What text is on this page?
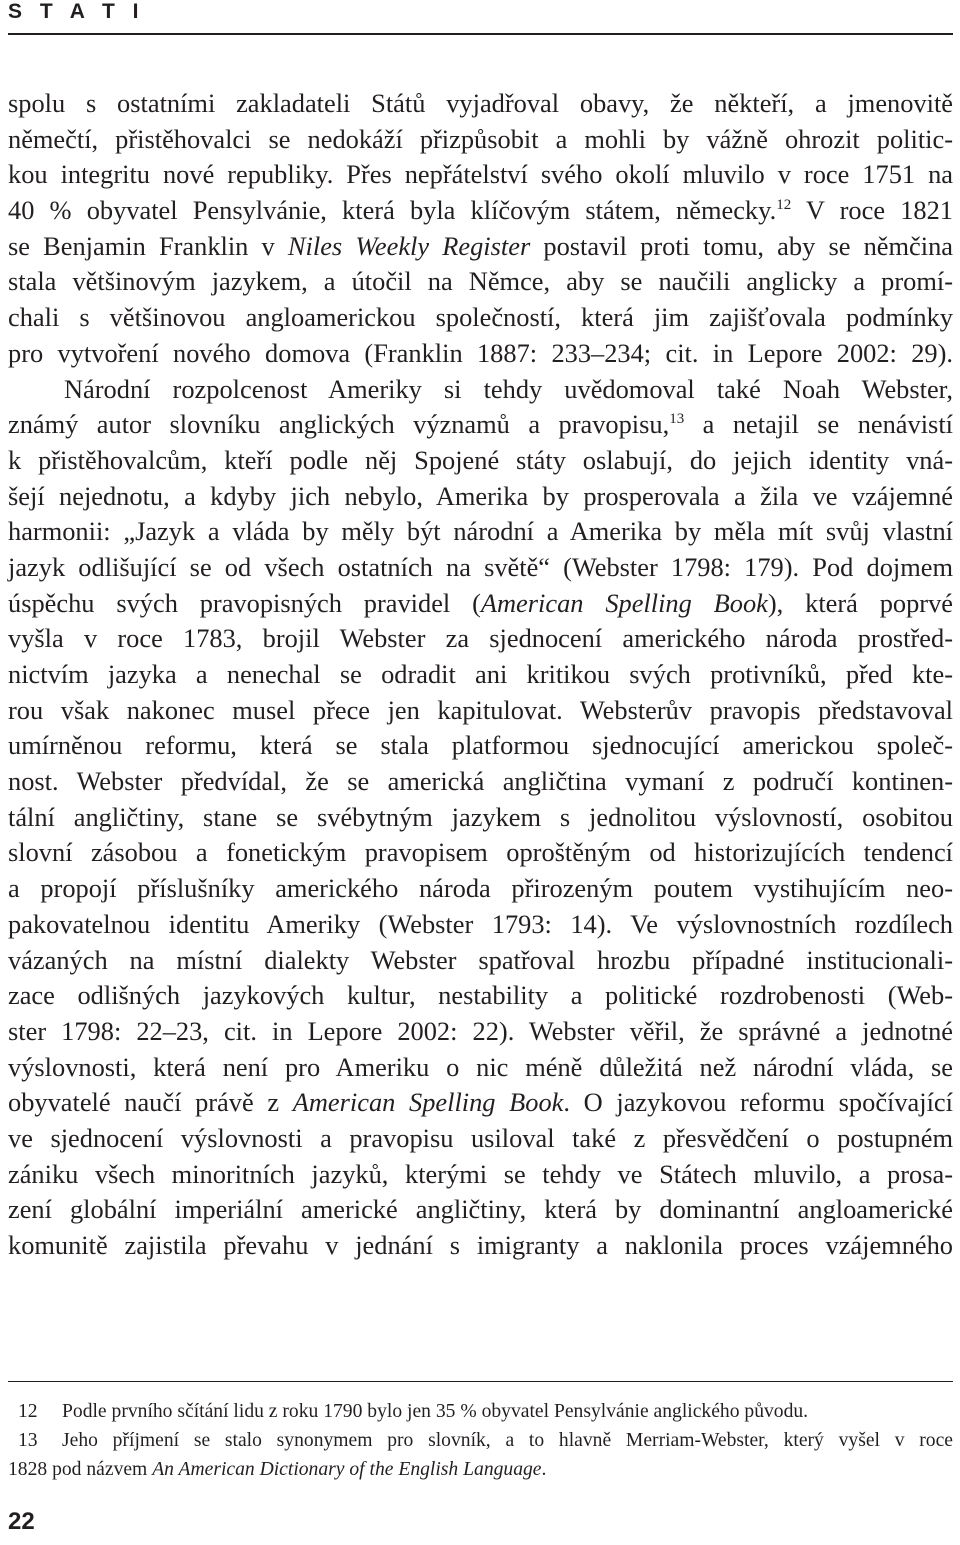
S T A T I
spolu s ostatními zakladateli Států vyjadřoval obavy, že někteří, a jmenovitě
němečtí, přistěhovalci se nedokáží přizpůsobit a mohli by vážně ohrozit politic-
kou integritu nové republiky. Přes nepřátelství svého okolí mluvilo v roce 1751 na
40 % obyvatel Pensylvánie, která byla klíčovým státem, německy.$^{12}$ V roce 1821
se Benjamin Franklin v Niles Weekly Register postavil proti tomu, aby se němčina
stala většinovým jazykem, a útočil na Němce, aby se naučili anglicky a promí-
chali s většinovou angloamerickou společností, která jim zajišťovala podmínky
pro vytvoření nového domova (Franklin 1887: 233–234; cit. in Lepore 2002: 29).
Národní rozpolcenost Ameriky si tehdy uvědomoval také Noah Webster,
známý autor slovníku anglických významů a pravopisu,$^{13}$ a netajil se nenávistí
k přistěhovalcům, kteří podle něj Spojené státy oslabují, do jejich identity vná-
šejí nejednotu, a kdyby jich nebylo, Amerika by prosperovala a žila ve vzájemné
harmonii: „Jazyk a vláda by měly být národní a Amerika by měla mít svůj vlastní
jazyk odlišující se od všech ostatních na světě“ (Webster 1798: 179). Pod dojmem
úspěchu svých pravopisných pravidel (American Spelling Book), která poprvé
vyšla v roce 1783, brojil Webster za sjednocení amerického národa prostřed-
nictvím jazyka a nenechal se odradit ani kritikou svých protivníků, před kte-
rou však nakonec musel přece jen kapitulovat. Websterův pravopis představoval
umírněnou reformu, která se stala platformou sjednocující americkou společ-
nost. Webster předvídal, že se americká angličtina vymaní z područí kontinen-
tální angličtiny, stane se svébytným jazykem s jednolitou výslovností, osobitou
slovní zásobou a fonetickým pravopisem oproštěným od historizujících tendencí
a propojí příslušníky amerického národa přirozeným poutem vystihujícím neo-
pakovatelnou identitu Ameriky (Webster 1793: 14). Ve výslovnostních rozdílech
vázaných na místní dialekty Webster spatřoval hrozbu případné institucionali-
zace odlišných jazykových kultur, nestability a politické rozdrobenosti (Web-
ster 1798: 22–23, cit. in Lepore 2002: 22). Webster věřil, že správné a jednotné
výslovnosti, která není pro Ameriku o nic méně důležitá než národní vláda, se
obyvatelé naučí právě z American Spelling Book. O jazykovou reformu spočívající
ve sjednocení výslovnosti a pravopisu usiloval také z přesvědčení o postupném
zániku všech minoritních jazyků, kterými se tehdy ve Státech mluvilo, a prosa-
zení globální imperiální americké angličtiny, která by dominantní angloamerické
komunitě zajistila převahu v jednání s imigranty a naklonila proces vzájemného
12 Podle prvního sčítání lidu z roku 1790 bylo jen 35 % obyvatel Pensylvánie anglického původu.
13 Jeho příjmení se stalo synonymem pro slovník, a to hlavně Merriam-Webster, který vyšel v roce
1828 pod názvem An American Dictionary of the English Language.
22
